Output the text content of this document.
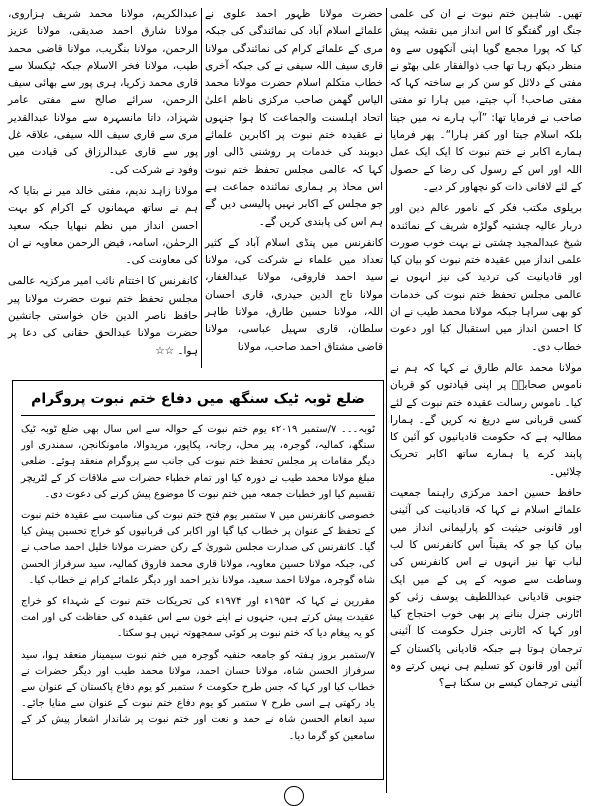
تھیں۔ شاہین ختم نبوت نے ان کی علمی جنگ اور گفتگو کا اس انداز میں نقشہ پیش کیا کہ پورا مجمع گویا اپنی آنکھوں سے وہ منظر دیکھ رہا تھا جب ذوالفقار علی بھٹو نے مفتی کے دلائل کو سن کر بے ساختہ کہا کہ مفتی صاحب! آپ جیتے، میں ہارا تو مفتی صاحب نے فرمایا تھا: ”آپ ہارے نہ میں جیتا بلکہ اسلام جیتا اور کفر ہارا“۔ پھر فرمایا ہمارے اکابر نے ختم نبوت کا ایک ایک عمل اللہ اور اس کے رسول کی رضا کے حصول کے لئے لافانی ذات کو نچھاور کر دیے۔

بریلوی مکتب فکر کے نامور عالم دین اور دربار عالیہ چشتیہ گولڑہ شریف کے نمائندہ شیخ عبدالمجید چشتی نے بہت خوب صورت علمی انداز میں عقیدہ ختم نبوت کو بیان کیا اور قادیانیت کی تردید کی نیز انہوں نے عالمی مجلس تحفظ ختم نبوت کی خدمات کو بھی سراہا جبکہ مولانا محمد طیب نے ان کا احسن انداز میں استقبال کیا اور دعوت خطاب دی۔

مولانا محمد عالم طارق نے کہا کہ ہم نے ناموس صحابہؓ پر اپنی قیادتوں کو قربان کیا۔ ناموس رسالت عقیدہ ختم نبوت کے لئے کسی قربانی سے دریغ نہ کریں گے۔ ہمارا مطالبہ ہے کہ حکومت قادیانیوں کو آئین کا پابند کرے یا ہمارے ساتھ اکابر تحریک چلائیں۔

حافظ حسین احمد مرکزی راہنما جمعیت علمائے اسلام نے کہا کہ قادیانیت کی آئینی اور قانونی حیثیت کو پارلیمانی انداز میں بیان کیا جو کہ یقیناً اس کانفرنس کا لب لباب تھا نیز انہوں نے اس کانفرنس کی وساطت سے صوبہ کے پی کے میں ایک جنوبی قادیانی عبداللطیف یوسف زئی کو اٹارنی جنرل بنانے پر بھی خوب احتجاج کیا اور کہا کہ اٹارنی جنرل حکومت کا آئینی ترجمان ہوتا ہے جبکہ قادیانی پاکستان کے آئین اور قانون کو تسلیم ہی نہیں کرتے وہ آئینی ترجمان کیسے بن سکتا ہے؟

حضرت مولانا ظہور احمد علوی نے علمائے اسلام آباد کی نمائندگی کی جبکہ مری کے علمائے کرام کی نمائندگی مولانا قاری سیف اللہ سیفی نے کی جبکہ آخری خطاب متکلم اسلام حضرت مولانا محمد الیاس گھمن صاحب مرکزی ناظم اعلیٰ اتحاد اہلسنت والجماعت کا ہوا جنہوں نے عقیدہ ختم نبوت پر اکابرین علمائے دیوبند کی خدمات پر روشنی ڈالی اور کہا کہ عالمی مجلس تحفظ ختم نبوت اس محاذ پر ہماری نمائندہ جماعت ہے جو مجلس کے اکابر نہیں پالیسی دیں گے ہم اس کی پابندی کریں گے۔

کانفرنس میں پنڈی اسلام آباد کے کثیر تعداد میں علماء نے شرکت کی، مولانا سید احمد فاروقی، مولانا عبدالغفار، مولانا تاج الدین حیدری، قاری احسان اللہ، مولانا حسین طارق، مولانا طاہر سلطان، قاری سہیل عباسی، مولانا قاضی مشتاق احمد صاحب، مولانا

عبدالکریم، مولانا محمد شریف ہزاروی، مولانا شارق احمد صدیقی، مولانا عزیز الرحمن، مولانا بنگریب، مولانا قاضی محمد طیب، مولانا فخر الاسلام جبکہ ٹیکسلا سے قاری محمد زکریا، ہری پور سے بھائی سیف الرحمن، سرائے صالح سے مفتی عامر شہزاد، داتا مانسہرہ سے مولانا عبدالقدیر مری سے قاری سیف اللہ سیفی، علاقہ غل پور سے قاری عبدالرزاق کی قیادت میں وفود نے شرکت کی۔

مولانا زاہد ندیم، مفتی خالد میر نے بتایا کہ ہم نے ساتھ مہمانوں کے اکرام کو بہت احسن انداز میں نظم نبھایا جبکہ سعید الرحمٰن، اسامہ، فیض الرحمن معاویہ نے ان کی معاونت کی۔

کانفرنس کا اختتام نائب امیر مرکزیہ عالمی مجلس تحفظ ختم نبوت حضرت مولانا پیر حافظ ناصر الدین خان خواستی جانشین حضرت مولانا عبدالحق حقانی کی دعا پر ہوا۔ ☆☆

ضلع ٹوبہ ٹیک سنگھ میں دفاع ختم نبوت پروگرام

ٹوبہ۔۔۔ ۷/ستمبر ۲۰۱۹ء یوم ختم نبوت کے حوالہ سے اس سال بھی ضلع ٹوبہ ٹیک سنگھ، کمالیہ، گوجرہ، پیر محل، رجانہ، پکاپور، مریدوالا، مامونکانجن، سمندری اور دیگر مقامات پر مجلس تحفظ ختم نبوت کی جانب سے پروگرام منعقد ہوئے۔ ضلعی مبلغ مولانا محمد طیب نے دورہ کیا اور تمام خطباء حضرات سے ملاقات کر کے لٹریچر تقسیم کیا اور خطبات جمعہ میں ختم نبوت کا موضوع پیش کرنے کی دعوت دی۔

خصوصی کانفرنس میں ۷ ستمبر یوم فتح ختم نبوت کی مناسبت سے عقیدہ ختم نبوت کے تحفظ کے عنوان پر خطاب کیا گیا اور اکابر کی قربانیوں کو خراج تحسین پیش کیا گیا۔ کانفرنس کی صدارت مجلس شوریٰ کے رکن حضرت مولانا خلیل احمد صاحب نے کی، جبکہ مولانا حسین معاویہ، مولانا قاری محمد فاروق کمالیہ، سید سرفراز الحسن شاہ گوجرہ، مولانا احمد سعید، مولانا نذیر احمد اور دیگر علمائے کرام نے خطاب کیا۔

مقررین نے کہا کہ ۱۹۵۳ء اور ۱۹۷۴ء کی تحریکات ختم نبوت کے شہداء کو خراج عقیدت پیش کرتے ہیں، جنہوں نے اپنے خون سے اس عقیدہ کی حفاظت کی اور امت کو یہ پیغام دیا کہ ختم نبوت پر کوئی سمجھوتہ نہیں ہو سکتا۔

۷/ستمبر بروز ہفتہ کو جامعہ حنفیہ گوجرہ میں ختم نبوت سیمینار منعقد ہوا، سید سرفراز الحسن شاہ، مولانا حسان احمد، مولانا محمد طیب اور دیگر حضرات نے خطاب کیا اور کہا کہ جس طرح حکومت ۶ ستمبر کو یوم دفاع پاکستان کے عنوان سے یاد رکھتی ہے اسی طرح ۷ ستمبر کو یوم دفاع ختم نبوت کے عنوان سے منایا جائے۔ سید انعام الحسن شاہ نے حمد و نعت اور ختم نبوت پر شاندار اشعار پیش کر کے سامعین کو گرما دیا۔
